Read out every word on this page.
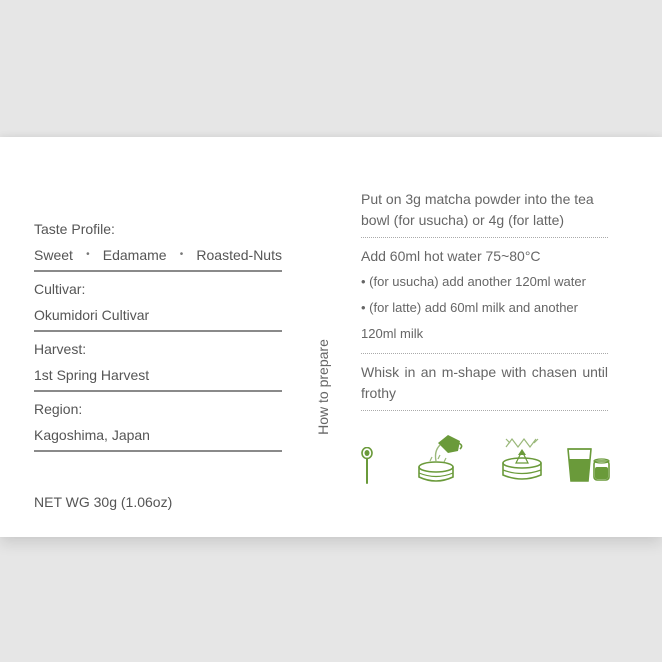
Taste Profile:
Sweet • Edamame • Roasted-Nuts
Cultivar:
Okumidori Cultivar
Harvest:
1st Spring Harvest
Region:
Kagoshima, Japan
NET WG 30g (1.06oz)
How to prepare
Put on 3g matcha powder into the tea bowl (for usucha) or 4g (for latte)
Add 60ml hot water 75~80°C
• (for usucha) add another 120ml water
• (for latte) add 60ml milk and another 120ml milk
Whisk in an m-shape with chasen until frothy
